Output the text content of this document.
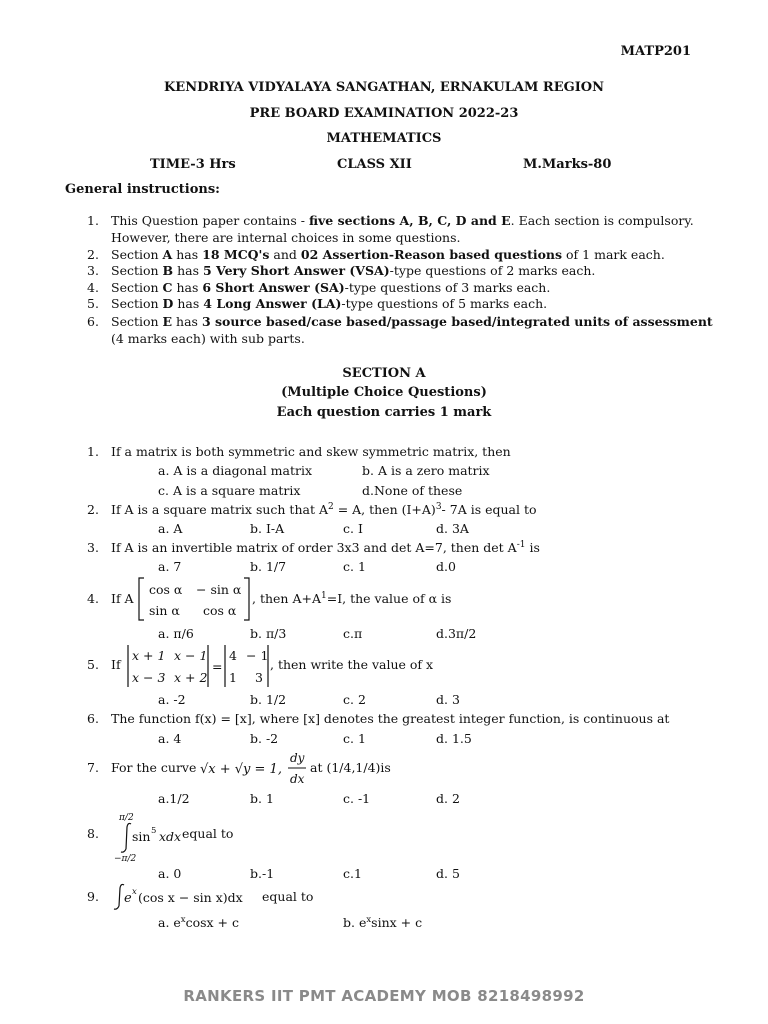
MATP201
KENDRIYA VIDYALAYA SANGATHAN, ERNAKULAM REGION
PRE BOARD EXAMINATION 2022-23
MATHEMATICS
TIME-3 Hrs	CLASS XII	M.Marks-80
General instructions:
1. This Question paper contains - five sections A, B, C, D and E. Each section is compulsory.
However, there are internal choices in some questions.
2. Section A has 18 MCQ's and 02 Assertion-Reason based questions of 1 mark each.
3. Section B has 5 Very Short Answer (VSA)-type questions of 2 marks each.
4. Section C has 6 Short Answer (SA)-type questions of 3 marks each.
5. Section D has 4 Long Answer (LA)-type questions of 5 marks each.
6. Section E has 3 source based/case based/passage based/integrated units of assessment
(4 marks each) with sub parts.
SECTION A
(Multiple Choice Questions)
Each question carries 1 mark
1. If a matrix is both symmetric and skew symmetric matrix, then
a. A is a diagonal matrix	b. A is a zero matrix
c. A is a square matrix	d.None of these
2. If A is a square matrix such that $A^2 = A$, then $(I+A)^3-$ 7A is equal to
a. A	b. I-A	c. I	d. 3A
3. If A is an invertible matrix of order 3x3 and det A=7, then $\det A^{-1}$ is
a. 7	b. 1/7	c. 1	d.0
4. If A
cos α − sin α
sin α cos α
, then $A+A^1=I$, the value of α is
a. π/6	b. π/3	c.π	d.3π/2
5. If
x + 1 x − 1
x − 3 x + 2
=
4 − 1
1 3
, then write the value of x
a. -2	b. 1/2	c. 2	d. 3
6. The function f(x) = [x], where [x] denotes the greatest integer function, is continuous at
a. 4	b. -2	c. 1	d. 1.5
7. For the curve √x + √y = 1,
dy
dx
at (1/4,1/4)is
a.1/2	b. 1	c. -1	d. 2
8.
π/2
−π/2
sin 5 xdx equal to
a. 0	b.-1	c.1	d. 5
9. e x (cos x − sin x)dx equal to
a. $e^x\cos x + c$	b. $e^x\sin x + c$
RANKERS IIT PMT ACADEMY MOB 8218498992
